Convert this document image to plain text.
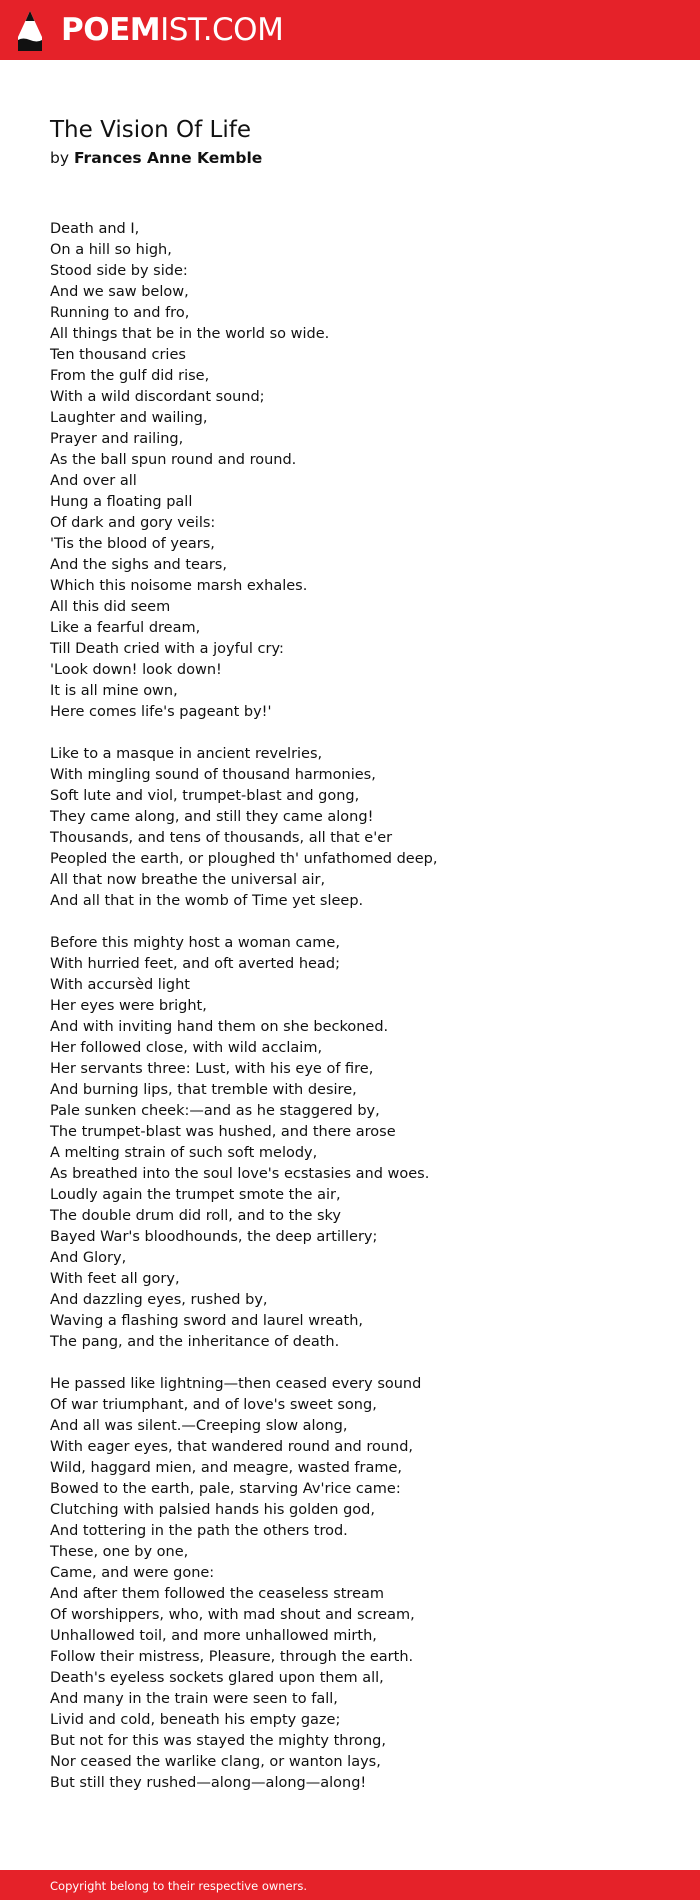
POEMIST.COM
The Vision Of Life
by Frances Anne Kemble
Death and I,
On a hill so high,
Stood side by side:
And we saw below,
Running to and fro,
All things that be in the world so wide.
Ten thousand cries
From the gulf did rise,
With a wild discordant sound;
Laughter and wailing,
Prayer and railing,
As the ball spun round and round.
And over all
Hung a floating pall
Of dark and gory veils:
'Tis the blood of years,
And the sighs and tears,
Which this noisome marsh exhales.
All this did seem
Like a fearful dream,
Till Death cried with a joyful cry:
'Look down! look down!
It is all mine own,
Here comes life's pageant by!'
Like to a masque in ancient revelries,
With mingling sound of thousand harmonies,
Soft lute and viol, trumpet-blast and gong,
They came along, and still they came along!
Thousands, and tens of thousands, all that e'er
Peopled the earth, or ploughed th' unfathomed deep,
All that now breathe the universal air,
And all that in the womb of Time yet sleep.
Before this mighty host a woman came,
With hurried feet, and oft averted head;
With accursèd light
Her eyes were bright,
And with inviting hand them on she beckoned.
Her followed close, with wild acclaim,
Her servants three: Lust, with his eye of fire,
And burning lips, that tremble with desire,
Pale sunken cheek:—and as he staggered by,
The trumpet-blast was hushed, and there arose
A melting strain of such soft melody,
As breathed into the soul love's ecstasies and woes.
Loudly again the trumpet smote the air,
The double drum did roll, and to the sky
Bayed War's bloodhounds, the deep artillery;
And Glory,
With feet all gory,
And dazzling eyes, rushed by,
Waving a flashing sword and laurel wreath,
The pang, and the inheritance of death.
He passed like lightning—then ceased every sound
Of war triumphant, and of love's sweet song,
And all was silent.—Creeping slow along,
With eager eyes, that wandered round and round,
Wild, haggard mien, and meagre, wasted frame,
Bowed to the earth, pale, starving Av'rice came:
Clutching with palsied hands his golden god,
And tottering in the path the others trod.
These, one by one,
Came, and were gone:
And after them followed the ceaseless stream
Of worshippers, who, with mad shout and scream,
Unhallowed toil, and more unhallowed mirth,
Follow their mistress, Pleasure, through the earth.
Death's eyeless sockets glared upon them all,
And many in the train were seen to fall,
Livid and cold, beneath his empty gaze;
But not for this was stayed the mighty throng,
Nor ceased the warlike clang, or wanton lays,
But still they rushed—along—along—along!
Copyright belong to their respective owners.
